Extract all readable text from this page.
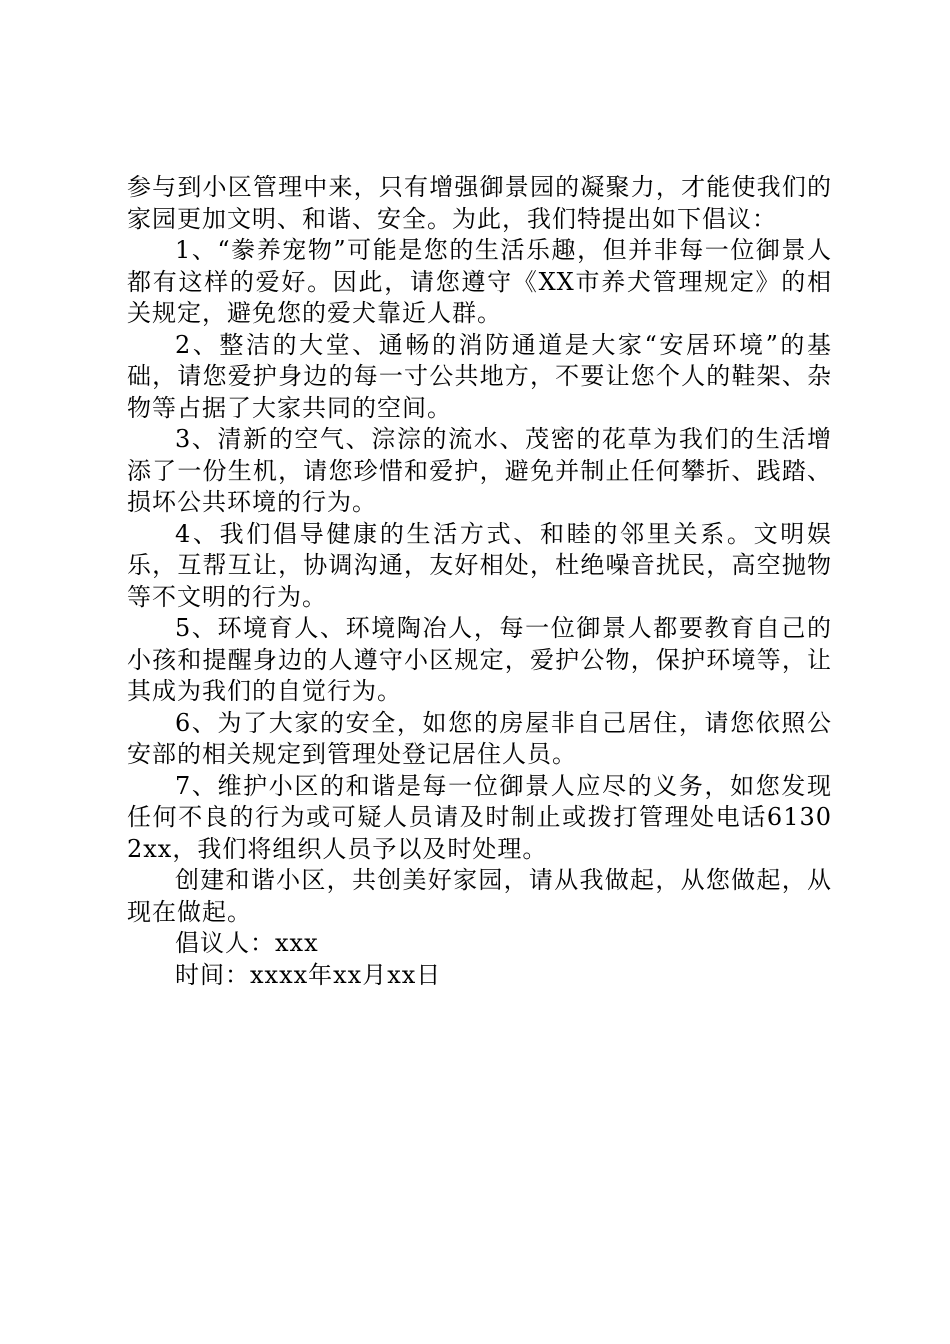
参与到小区管理中来，只有增强御景园的凝聚力，才能使我们的家园更加文明、和谐、安全。为此，我们特提出如下倡议：

1、“豢养宠物”可能是您的生活乐趣，但并非每一位御景人都有这样的爱好。因此，请您遵守《XX市养犬管理规定》的相关规定，避免您的爱犬靠近人群。

2、整洁的大堂、通畅的消防通道是大家“安居环境”的基础，请您爱护身边的每一寸公共地方，不要让您个人的鞋架、杂物等占据了大家共同的空间。

3、清新的空气、淙淙的流水、茂密的花草为我们的生活增添了一份生机，请您珍惜和爱护，避免并制止任何攀折、践踏、损坏公共环境的行为。

4、我们倡导健康的生活方式、和睦的邻里关系。文明娱乐，互帮互让，协调沟通，友好相处，杜绝噪音扰民，高空抛物等不文明的行为。

5、环境育人、环境陶冶人，每一位御景人都要教育自己的小孩和提醒身边的人遵守小区规定，爱护公物，保护环境等，让其成为我们的自觉行为。

6、为了大家的安全，如您的房屋非自己居住，请您依照公安部的相关规定到管理处登记居住人员。

7、维护小区的和谐是每一位御景人应尽的义务，如您发现任何不良的行为或可疑人员请及时制止或拨打管理处电话61302xx，我们将组织人员予以及时处理。

创建和谐小区，共创美好家园，请从我做起，从您做起，从现在做起。

倡议人：xxx

时间：xxxx年xx月xx日
